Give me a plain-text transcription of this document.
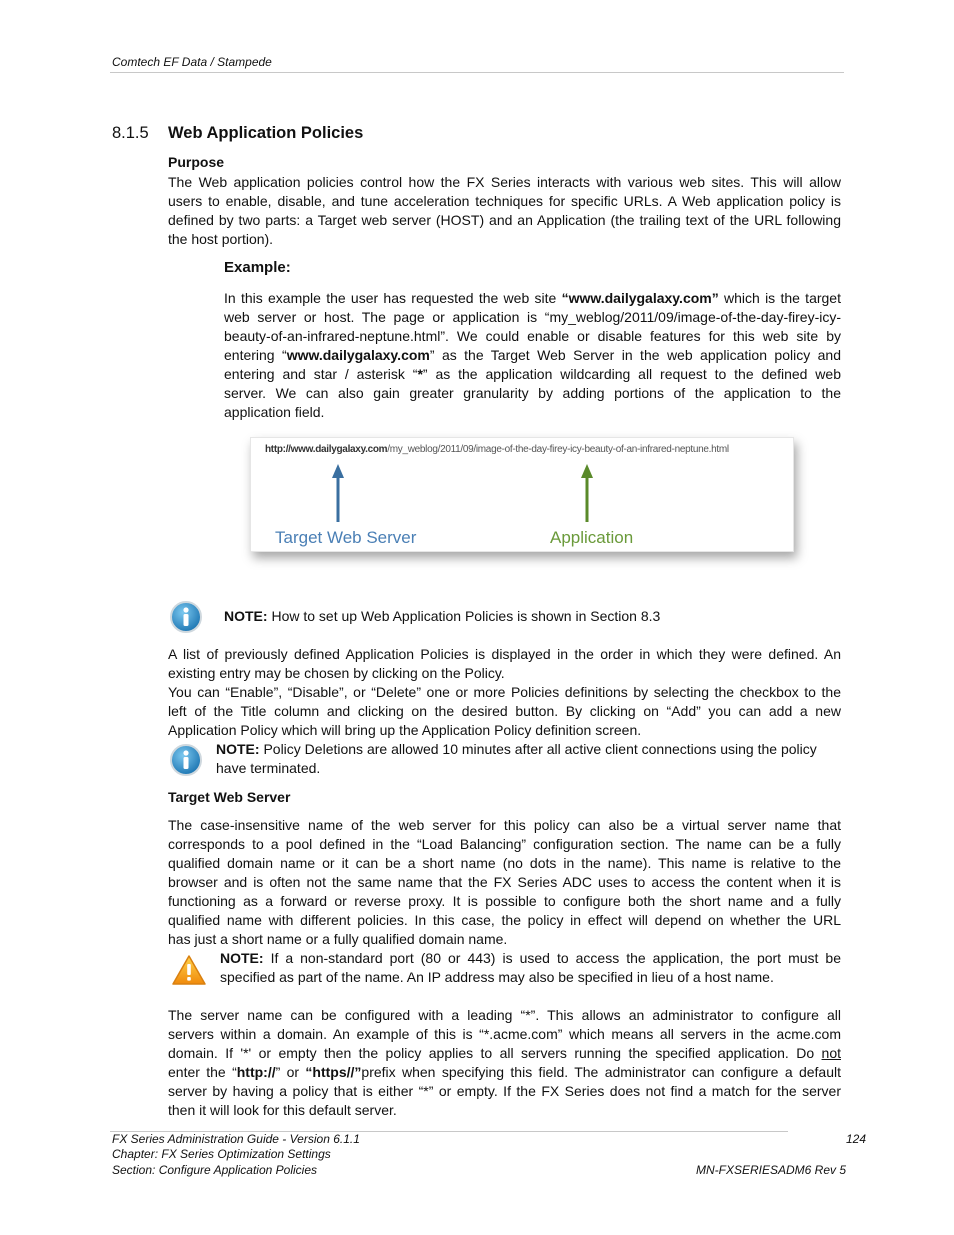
Comtech EF Data / Stampede
8.1.5 Web Application Policies
Purpose
The Web application policies control how the FX Series interacts with various web sites. This will allow
users to enable, disable, and tune acceleration techniques for specific URLs. A Web application policy is
defined by two parts: a Target web server (HOST) and an Application (the trailing text of the URL following
the host portion).
Example:
In this example the user has requested the web site “www.dailygalaxy.com” which is the target
web server or host. The page or application is “my_weblog/2011/09/image-of-the-day-firey-icy-
beauty-of-an-infrared-neptune.html”. We could enable or disable features for this web site by
entering “www.dailygalaxy.com” as the Target Web Server in the web application policy and
entering and star / asterisk “*” as the application wildcarding all request to the defined web
server. We can also gain greater granularity by adding portions of the application to the
application field.
http://www.dailygalaxy.com/my_weblog/2011/09/image-of-the-day-firey-icy-beauty-of-an-infrared-neptune.html
Target Web Server	Application
NOTE: How to set up Web Application Policies is shown in Section 8.3
A list of previously defined Application Policies is displayed in the order in which they were defined. An
existing entry may be chosen by clicking on the Policy.
You can “Enable”, “Disable”, or “Delete” one or more Policies definitions by selecting the checkbox to the
left of the Title column and clicking on the desired button. By clicking on “Add” you can add a new
Application Policy which will bring up the Application Policy definition screen.
NOTE: Policy Deletions are allowed 10 minutes after all active client connections using the policy
have terminated.
Target Web Server
The case-insensitive name of the web server for this policy can also be a virtual server name that
corresponds to a pool defined in the “Load Balancing” configuration section. The name can be a fully
qualified domain name or it can be a short name (no dots in the name). This name is relative to the
browser and is often not the same name that the FX Series ADC uses to access the content when it is
functioning as a forward or reverse proxy. It is possible to configure both the short name and a fully
qualified name with different policies. In this case, the policy in effect will depend on whether the URL
has just a short name or a fully qualified domain name.
NOTE: If a non-standard port (80 or 443) is used to access the application, the port must be
specified as part of the name. An IP address may also be specified in lieu of a host name.
The server name can be configured with a leading “*”. This allows an administrator to configure all
servers within a domain. An example of this is “*.acme.com” which means all servers in the acme.com
domain. If '*' or empty then the policy applies to all servers running the specified application. Do not
enter the “http://” or “https//”prefix when specifying this field. The administrator can configure a default
server by having a policy that is either “*” or empty. If the FX Series does not find a match for the server
then it will look for this default server.
FX Series Administration Guide - Version 6.1.1	124
Chapter: FX Series Optimization Settings
Section: Configure Application Policies	MN-FXSERIESADM6 Rev 5
